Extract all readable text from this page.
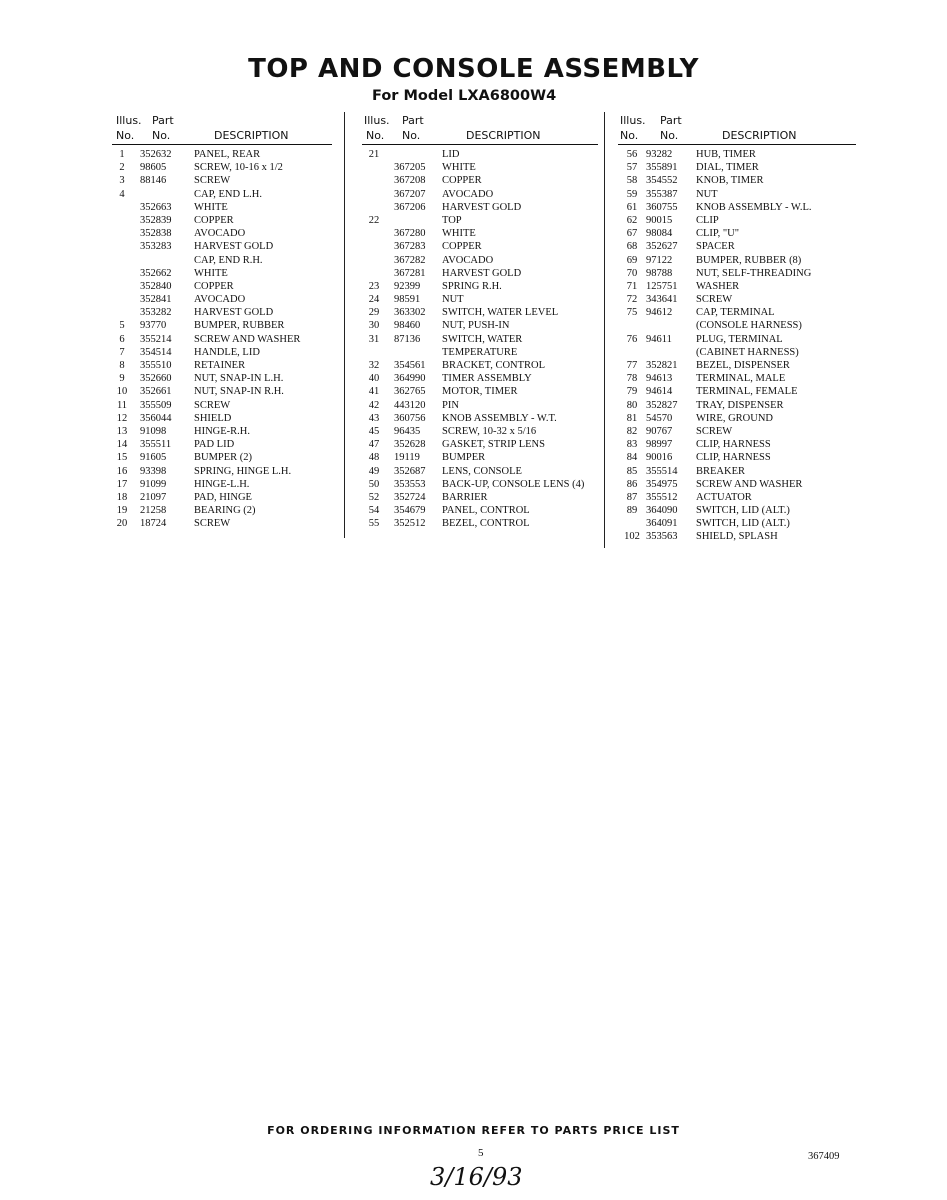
TOP AND CONSOLE ASSEMBLY
For Model LXA6800W4
Illus. Part
No. No.	DESCRIPTION
1	352632 PANEL, REAR
2	98605	SCREW, 10-16 x 1/2
3	88146	SCREW
4	CAP, END L.H.
352663 WHITE
352839 COPPER
352838 AVOCADO
353283 HARVEST GOLD
CAP, END R.H.
352662 WHITE
352840 COPPER
352841 AVOCADO
353282 HARVEST GOLD
5	93770	BUMPER, RUBBER
6	355214 SCREW AND WASHER
7	354514 HANDLE, LID
8	355510 RETAINER
9	352660 NUT, SNAP-IN L.H.
10	352661 NUT, SNAP-IN R.H.
11	355509 SCREW
12	356044 SHIELD
13	91098	HINGE-R.H.
14	355511 PAD LID
15	91605	BUMPER (2)
16	93398	SPRING, HINGE L.H.
17	91099	HINGE-L.H.
18	21097	PAD, HINGE
19	21258	BEARING (2)
20	18724	SCREW
Illus. Part
No. No.	DESCRIPTION
21	LID
367205 WHITE
367208 COPPER
367207 AVOCADO
367206 HARVEST GOLD
22	TOP
367280 WHITE
367283 COPPER
367282 AVOCADO
367281 HARVEST GOLD
23	92399 SPRING R.H.
24	98591 NUT
29	363302 SWITCH, WATER LEVEL
30	98460 NUT, PUSH-IN
31	87136 SWITCH, WATER
TEMPERATURE
32	354561 BRACKET, CONTROL
40	364990 TIMER ASSEMBLY
41	362765 MOTOR, TIMER
42	443120 PIN
43	360756 KNOB ASSEMBLY - W.T.
45	96435 SCREW, 10-32 x 5/16
47	352628 GASKET, STRIP LENS
48	19119 BUMPER
49	352687 LENS, CONSOLE
50	353553 BACK-UP, CONSOLE LENS (4)
52	352724 BARRIER
54	354679 PANEL, CONTROL
55	352512 BEZEL, CONTROL
Illus. Part
No. No.	DESCRIPTION
56 93282 HUB, TIMER
57 355891 DIAL, TIMER
58 354552 KNOB, TIMER
59 355387 NUT
61 360755 KNOB ASSEMBLY - W.L.
62 90015 CLIP
67 98084 CLIP, "U"
68 352627 SPACER
69 97122 BUMPER, RUBBER (8)
70 98788 NUT, SELF-THREADING
71 125751 WASHER
72 343641 SCREW
75 94612 CAP, TERMINAL
(CONSOLE HARNESS)
76 94611 PLUG, TERMINAL
(CABINET HARNESS)
77 352821 BEZEL, DISPENSER
78 94613 TERMINAL, MALE
79 94614 TERMINAL, FEMALE
80 352827 TRAY, DISPENSER
81 54570 WIRE, GROUND
82 90767 SCREW
83 98997 CLIP, HARNESS
84 90016 CLIP, HARNESS
85 355514 BREAKER
86 354975 SCREW AND WASHER
87 355512 ACTUATOR
89 364090 SWITCH, LID (ALT.)
364091 SWITCH, LID (ALT.)
102 353563 SHIELD, SPLASH
FOR ORDERING INFORMATION REFER TO PARTS PRICE LIST
5	367409
3/16/93
